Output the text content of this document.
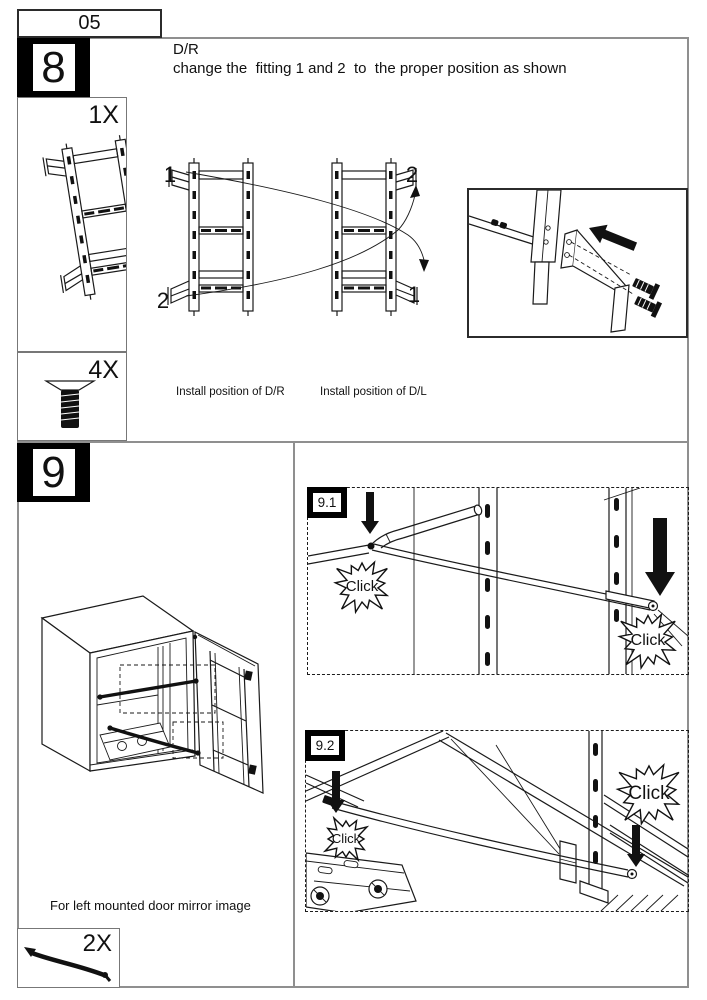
05
8	D/R
change the  fitting 1 and 2  to  the proper position as shown
1X
4X
1
2
2
1
Install position of D/R	Install position of D/L
9
For left mounted door mirror image
2X
9.1
Click
Click
9.2
Click
Click
